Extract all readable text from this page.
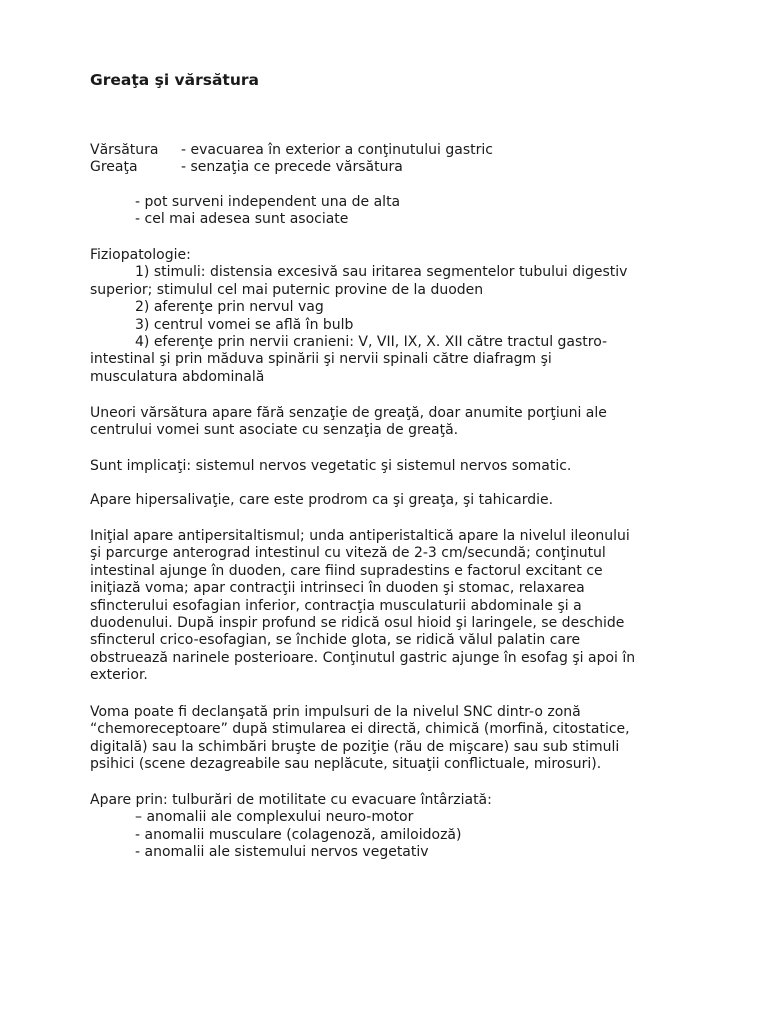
Greaţa şi vărsătura
Vărsătura	- evacuarea în exterior a conţinutului gastric
Greaţa	- senzaţia ce precede vărsătura
- pot surveni independent una de alta
- cel mai adesea sunt asociate
Fiziopatologie:
1) stimuli: distensia excesivă sau iritarea segmentelor tubului digestiv
superior; stimulul cel mai puternic provine de la duoden
2) aferenţe prin nervul vag
3) centrul vomei se află în bulb
4) eferenţe prin nervii cranieni: V, VII, IX, X. XII către tractul gastro-
intestinal şi prin măduva spinării şi nervii spinali către diafragm şi
musculatura abdominală
Uneori vărsătura apare fără senzaţie de greaţă, doar anumite porţiuni ale
centrului vomei sunt asociate cu senzaţia de greaţă.
Sunt implicaţi: sistemul nervos vegetatic şi sistemul nervos somatic.
Apare hipersalivaţie, care este prodrom ca şi greaţa, şi tahicardie.
Iniţial apare antipersitaltismul; unda antiperistaltică apare la nivelul ileonului
şi parcurge anterograd intestinul cu viteză de 2-3 cm/secundă; conţinutul
intestinal ajunge în duoden, care fiind supradestins e factorul excitant ce
iniţiază voma; apar contracţii intrinseci în duoden şi stomac, relaxarea
sfincterului esofagian inferior, contracţia musculaturii abdominale şi a
duodenului. După inspir profund se ridică osul hioid şi laringele, se deschide
sfincterul crico-esofagian, se închide glota, se ridică vălul palatin care
obstruează narinele posterioare. Conţinutul gastric ajunge în esofag şi apoi în
exterior.
Voma poate fi declanşată prin impulsuri de la nivelul SNC dintr-o zonă
“chemoreceptoare” după stimularea ei directă, chimică (morfină, citostatice,
digitală) sau la schimbări bruşte de poziţie (rău de mişcare) sau sub stimuli
psihici (scene dezagreabile sau neplăcute, situaţii conflictuale, mirosuri).
Apare prin: tulburări de motilitate cu evacuare întârziată:
– anomalii ale complexului neuro-motor
- anomalii musculare (colagenoză, amiloidoză)
- anomalii ale sistemului nervos vegetativ
